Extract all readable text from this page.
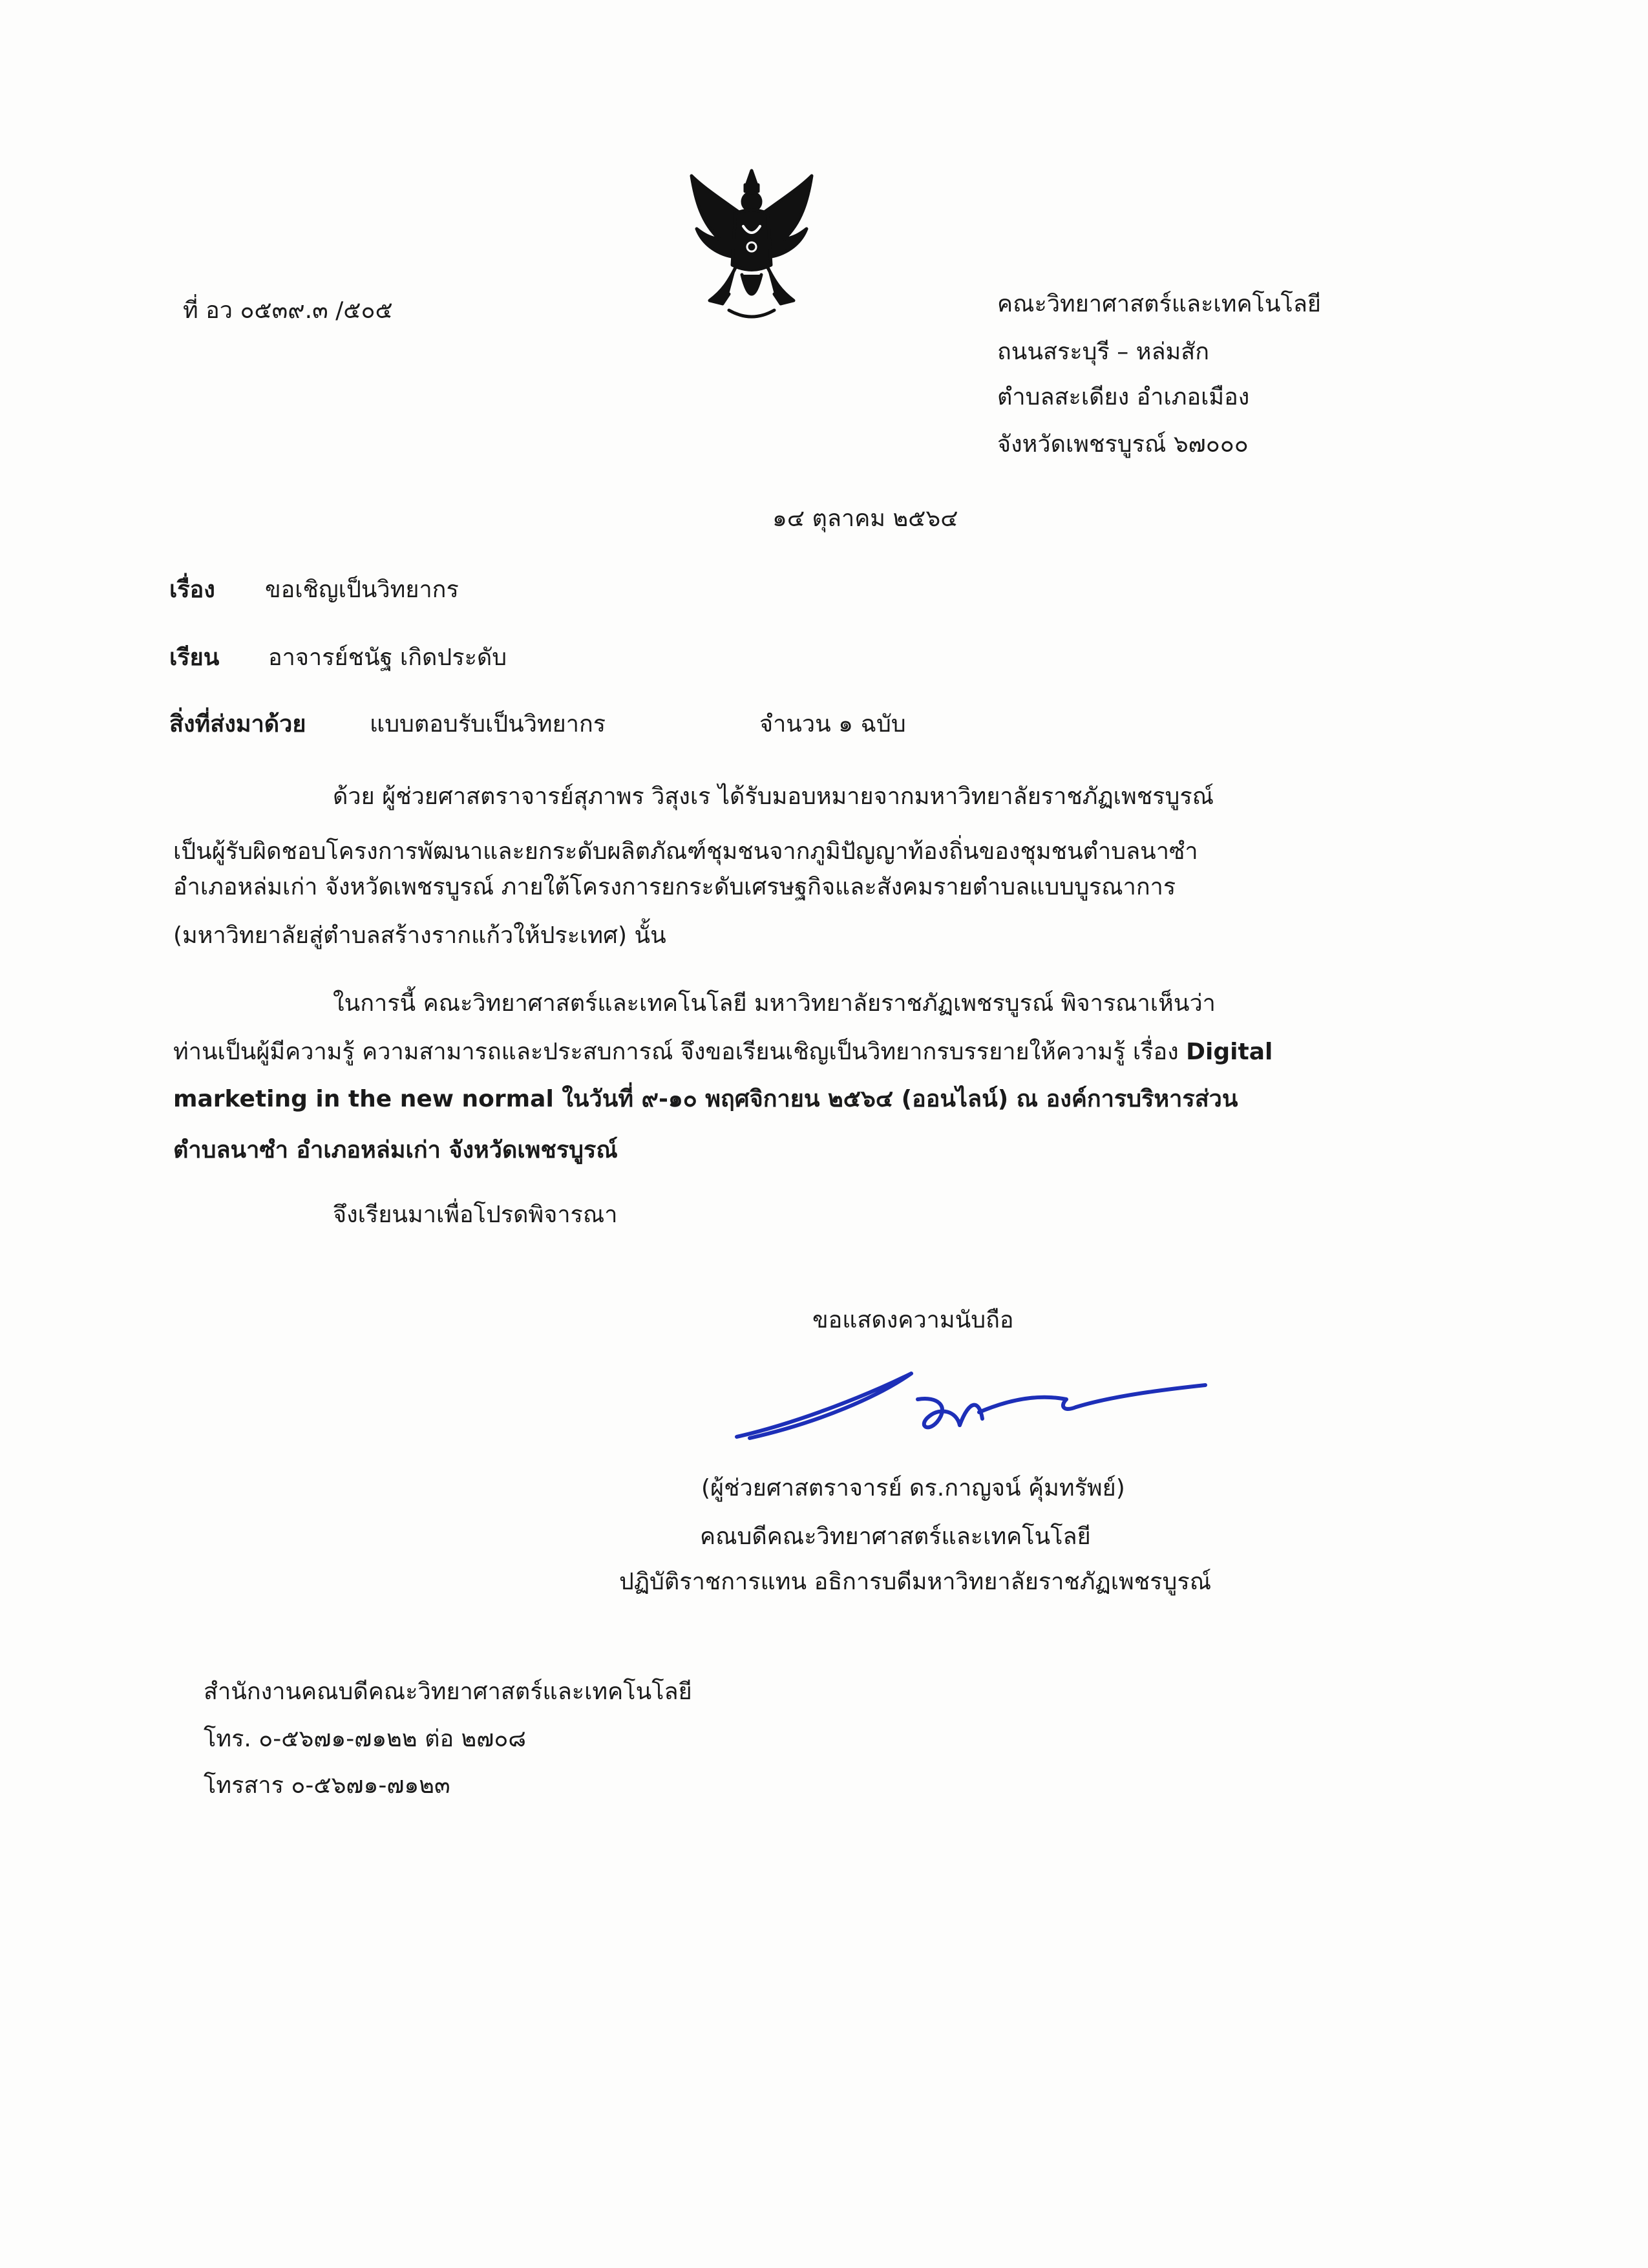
ที่ อว ๐๕๓๙.๓ /๕๐๕	คณะวิทยาศาสตร์และเทคโนโลยี
ถนนสระบุรี – หล่มสัก
ตำบลสะเดียง อำเภอเมือง
จังหวัดเพชรบูรณ์ ๖๗๐๐๐
๑๔ ตุลาคม ๒๕๖๔
เรื่อง ขอเชิญเป็นวิทยากร
เรียน อาจารย์ชนัฐ เกิดประดับ
สิ่งที่ส่งมาด้วย	แบบตอบรับเป็นวิทยากร	จำนวน ๑ ฉบับ
ด้วย ผู้ช่วยศาสตราจารย์สุภาพร วิสุงเร ได้รับมอบหมายจากมหาวิทยาลัยราชภัฏเพชรบูรณ์
เป็นผู้รับผิดชอบโครงการพัฒนาและยกระดับผลิตภัณฑ์ชุมชนจากภูมิปัญญาท้องถิ่นของชุมชนตำบลนาซำ
อำเภอหล่มเก่า จังหวัดเพชรบูรณ์ ภายใต้โครงการยกระดับเศรษฐกิจและสังคมรายตำบลแบบบูรณาการ
(มหาวิทยาลัยสู่ตำบลสร้างรากแก้วให้ประเทศ) นั้น
ในการนี้ คณะวิทยาศาสตร์และเทคโนโลยี มหาวิทยาลัยราชภัฏเพชรบูรณ์ พิจารณาเห็นว่า
ท่านเป็นผู้มีความรู้ ความสามารถและประสบการณ์ จึงขอเรียนเชิญเป็นวิทยากรบรรยายให้ความรู้ เรื่อง Digital
marketing in the new normal ในวันที่ ๙-๑๐ พฤศจิกายน ๒๕๖๔ (ออนไลน์) ณ องค์การบริหารส่วน
ตำบลนาซำ อำเภอหล่มเก่า จังหวัดเพชรบูรณ์
จึงเรียนมาเพื่อโปรดพิจารณา
ขอแสดงความนับถือ
(ผู้ช่วยศาสตราจารย์ ดร.กาญจน์ คุ้มทรัพย์)
คณบดีคณะวิทยาศาสตร์และเทคโนโลยี
ปฏิบัติราชการแทน อธิการบดีมหาวิทยาลัยราชภัฏเพชรบูรณ์
สำนักงานคณบดีคณะวิทยาศาสตร์และเทคโนโลยี
โทร. ๐-๕๖๗๑-๗๑๒๒ ต่อ ๒๗๐๘
โทรสาร ๐-๕๖๗๑-๗๑๒๓
